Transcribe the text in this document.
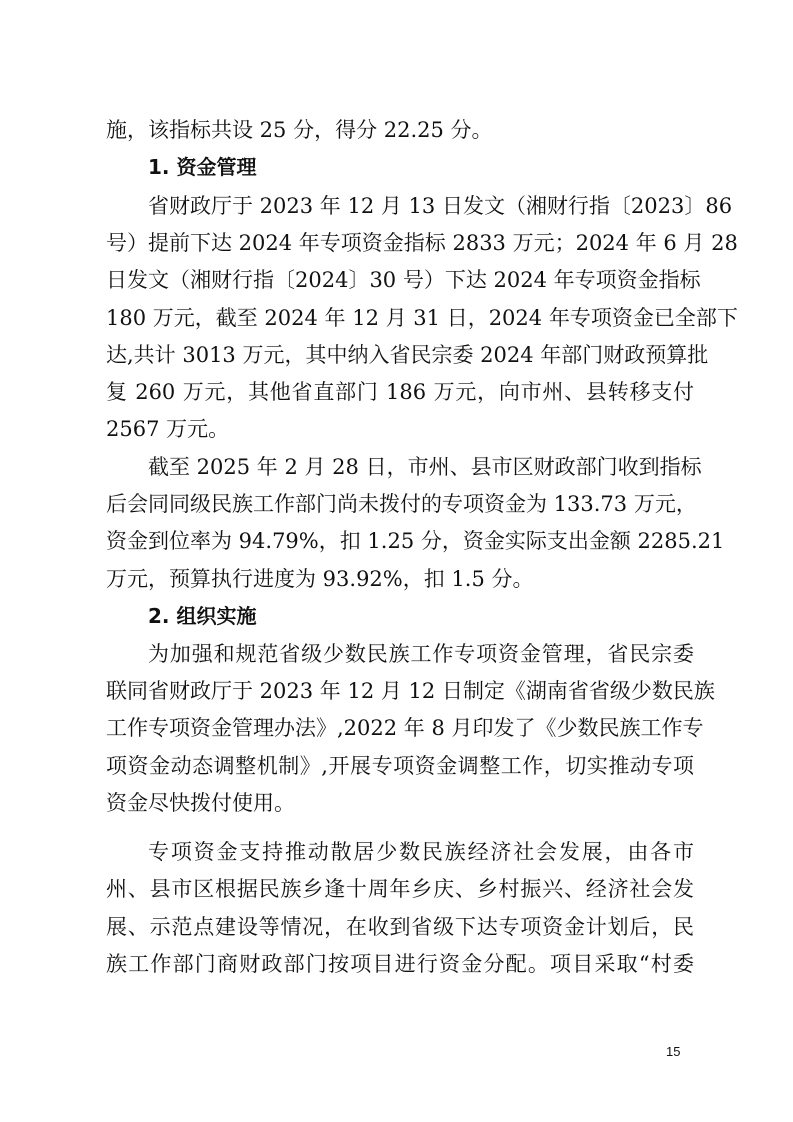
施，该指标共设 25 分，得分 22.25 分。
1. 资金管理
省财政厅于 2023 年 12 月 13 日发文（湘财行指〔2023〕86
号）提前下达 2024 年专项资金指标 2833 万元；2024 年 6 月 28
日发文（湘财行指〔2024〕30 号）下达 2024 年专项资金指标
180 万元，截至 2024 年 12 月 31 日，2024 年专项资金已全部下
达,共计 3013 万元，其中纳入省民宗委 2024 年部门财政预算批
复 260 万元，其他省直部门 186 万元，向市州、县转移支付
2567 万元。
截至 2025 年 2 月 28 日，市州、县市区财政部门收到指标
后会同同级民族工作部门尚未拨付的专项资金为 133.73 万元，
资金到位率为 94.79%，扣 1.25 分，资金实际支出金额 2285.21
万元，预算执行进度为 93.92%，扣 1.5 分。
2. 组织实施
为加强和规范省级少数民族工作专项资金管理，省民宗委
联同省财政厅于 2023 年 12 月 12 日制定《湖南省省级少数民族
工作专项资金管理办法》,2022 年 8 月印发了《少数民族工作专
项资金动态调整机制》,开展专项资金调整工作，切实推动专项
资金尽快拨付使用。
专项资金支持推动散居少数民族经济社会发展，由各市
州、县市区根据民族乡逢十周年乡庆、乡村振兴、经济社会发
展、示范点建设等情况，在收到省级下达专项资金计划后，民
族工作部门商财政部门按项目进行资金分配。项目采取“村委
15
